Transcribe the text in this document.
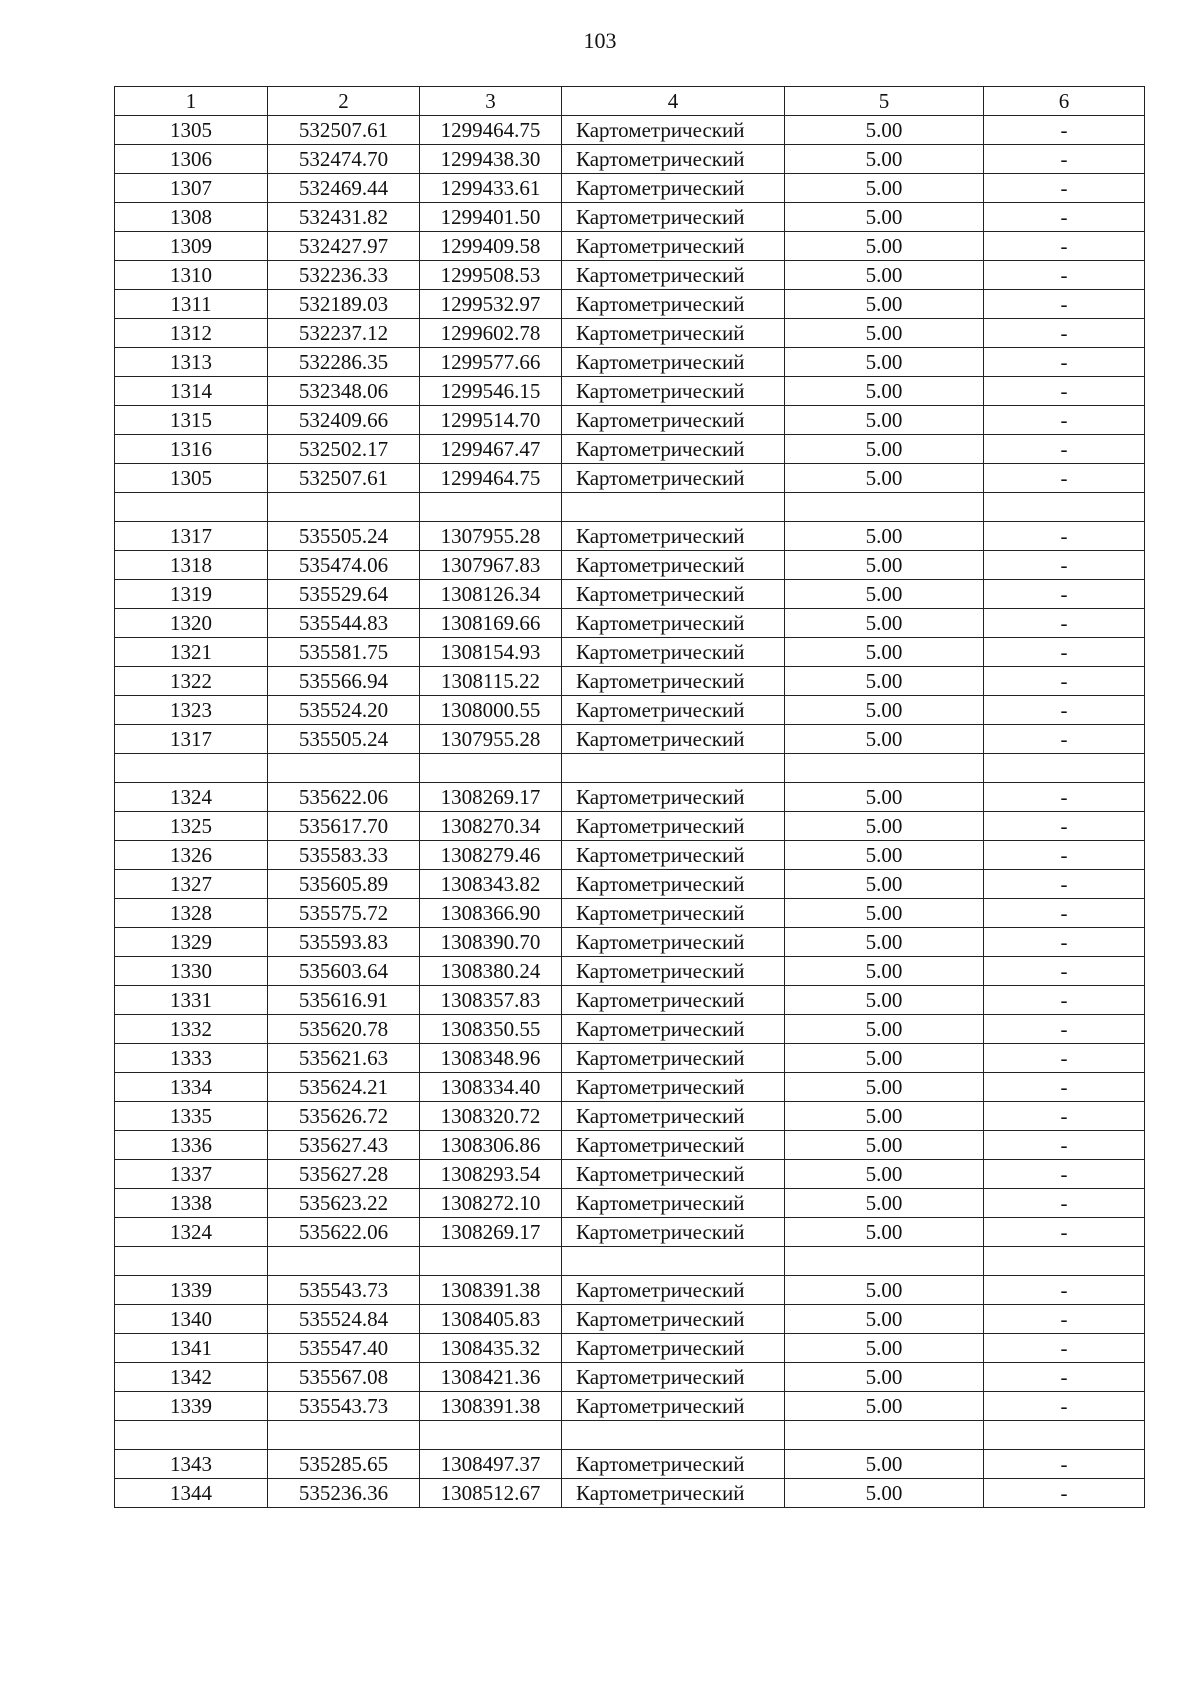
103
1	2	3	4	5	6
1305	532507.61	1299464.75	Картометрический	5.00	-
1306	532474.70	1299438.30	Картометрический	5.00	-
1307	532469.44	1299433.61	Картометрический	5.00	-
1308	532431.82	1299401.50	Картометрический	5.00	-
1309	532427.97	1299409.58	Картометрический	5.00	-
1310	532236.33	1299508.53	Картометрический	5.00	-
1311	532189.03	1299532.97	Картометрический	5.00	-
1312	532237.12	1299602.78	Картометрический	5.00	-
1313	532286.35	1299577.66	Картометрический	5.00	-
1314	532348.06	1299546.15	Картометрический	5.00	-
1315	532409.66	1299514.70	Картометрический	5.00	-
1316	532502.17	1299467.47	Картометрический	5.00	-
1305	532507.61	1299464.75	Картометрический	5.00	-

1317	535505.24	1307955.28	Картометрический	5.00	-
1318	535474.06	1307967.83	Картометрический	5.00	-
1319	535529.64	1308126.34	Картометрический	5.00	-
1320	535544.83	1308169.66	Картометрический	5.00	-
1321	535581.75	1308154.93	Картометрический	5.00	-
1322	535566.94	1308115.22	Картометрический	5.00	-
1323	535524.20	1308000.55	Картометрический	5.00	-
1317	535505.24	1307955.28	Картометрический	5.00	-

1324	535622.06	1308269.17	Картометрический	5.00	-
1325	535617.70	1308270.34	Картометрический	5.00	-
1326	535583.33	1308279.46	Картометрический	5.00	-
1327	535605.89	1308343.82	Картометрический	5.00	-
1328	535575.72	1308366.90	Картометрический	5.00	-
1329	535593.83	1308390.70	Картометрический	5.00	-
1330	535603.64	1308380.24	Картометрический	5.00	-
1331	535616.91	1308357.83	Картометрический	5.00	-
1332	535620.78	1308350.55	Картометрический	5.00	-
1333	535621.63	1308348.96	Картометрический	5.00	-
1334	535624.21	1308334.40	Картометрический	5.00	-
1335	535626.72	1308320.72	Картометрический	5.00	-
1336	535627.43	1308306.86	Картометрический	5.00	-
1337	535627.28	1308293.54	Картометрический	5.00	-
1338	535623.22	1308272.10	Картометрический	5.00	-
1324	535622.06	1308269.17	Картометрический	5.00	-

1339	535543.73	1308391.38	Картометрический	5.00	-
1340	535524.84	1308405.83	Картометрический	5.00	-
1341	535547.40	1308435.32	Картометрический	5.00	-
1342	535567.08	1308421.36	Картометрический	5.00	-
1339	535543.73	1308391.38	Картометрический	5.00	-

1343	535285.65	1308497.37	Картометрический	5.00	-
1344	535236.36	1308512.67	Картометрический	5.00	-
